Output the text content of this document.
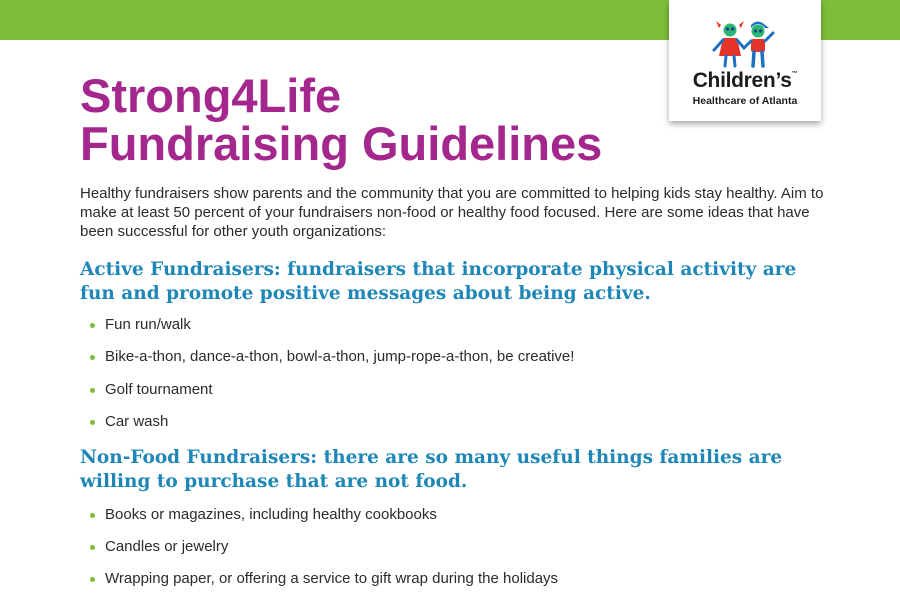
Children’s™
Healthcare of Atlanta
Strong4Life
Fundraising Guidelines

Healthy fundraisers show parents and the community that you are committed to helping kids stay healthy. Aim to make at least 50 percent of your fundraisers non-food or healthy food focused. Here are some ideas that have been successful for other youth organizations:

Active Fundraisers: fundraisers that incorporate physical activity are
fun and promote positive messages about being active.
Fun run/walk
Bike-a-thon, dance-a-thon, bowl-a-thon, jump-rope-a-thon, be creative!
Golf tournament
Car wash
Non-Food Fundraisers: there are so many useful things families are
willing to purchase that are not food.
Books or magazines, including healthy cookbooks
Candles or jewelry
Wrapping paper, or offering a service to gift wrap during the holidays
